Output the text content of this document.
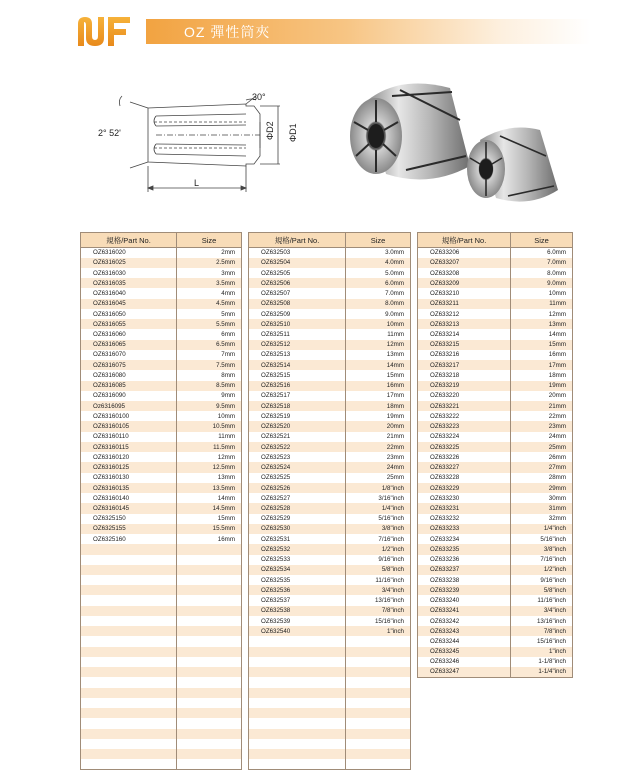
OZ 彈性筒夾
30°
2° 52'	ΦD2 ΦD1
L
規格/Part No.	Size
OZ6316020	2mm
OZ6316025	2.5mm
OZ6316030	3mm
OZ6316035	3.5mm
OZ6316040	4mm
OZ6316045	4.5mm
OZ6316050	5mm
OZ6316055	5.5mm
OZ6316060	6mm
OZ6316065	6.5mm
OZ6316070	7mm
OZ6316075	7.5mm
OZ6316080	8mm
OZ6316085	8.5mm
OZ6316090	9mm
Oz6316095	9.5mm
OZ63160100	10mm
OZ63160105	10.5mm
OZ63160110	11mm
OZ63160115	11.5mm
OZ63160120	12mm
OZ63160125	12.5mm
OZ63160130	13mm
OZ63160135	13.5mm
OZ63160140	14mm
OZ63160145	14.5mm
OZ6325150	15mm
OZ6325155	15.5mm
OZ6325160	16mm

規格/Part No.	Size
OZ632503	3.0mm
OZ632504	4.0mm
OZ632505	5.0mm
OZ632506	6.0mm
OZ632507	7.0mm
OZ632508	8.0mm
OZ632509	9.0mm
OZ632510	10mm
OZ632511	11mm
OZ632512	12mm
OZ632513	13mm
OZ632514	14mm
OZ632515	15mm
OZ632516	16mm
OZ632517	17mm
OZ632518	18mm
OZ632519	19mm
OZ632520	20mm
OZ632521	21mm
OZ632522	22mm
OZ632523	23mm
OZ632524	24mm
OZ632525	25mm
OZ632526	1/8"inch
OZ632527	3/16"inch
OZ632528	1/4"inch
OZ632529	5/16"inch
OZ632530	3/8"inch
OZ632531	7/16"inch
OZ632532	1/2"inch
OZ632533	9/16"inch
OZ632534	5/8"inch
OZ632535	11/16"inch
OZ632536	3/4"inch
OZ632537	13/16"inch
OZ632538	7/8"inch
OZ632539	15/16"inch
OZ632540	1"inch

規格/Part No.	Size
OZ633206	6.0mm
OZ633207	7.0mm
OZ633208	8.0mm
OZ633209	9.0mm
OZ633210	10mm
OZ633211	11mm
OZ633212	12mm
OZ633213	13mm
OZ633214	14mm
OZ633215	15mm
OZ633216	16mm
OZ633217	17mm
OZ633218	18mm
OZ633219	19mm
OZ633220	20mm
OZ633221	21mm
OZ633222	22mm
OZ633223	23mm
OZ633224	24mm
OZ633225	25mm
OZ633226	26mm
OZ633227	27mm
OZ633228	28mm
OZ633229	29mm
OZ633230	30mm
OZ633231	31mm
OZ633232	32mm
OZ633233	1/4"inch
OZ633234	5/16"inch
OZ633235	3/8"inch
OZ633236	7/16"inch
OZ633237	1/2"inch
OZ633238	9/16"inch
OZ633239	5/8"inch
OZ633240	11/16"inch
OZ633241	3/4"inch
OZ633242	13/16"inch
OZ633243	7/8"inch
OZ633244	15/16"inch
OZ633245	1"inch
OZ633246	1-1/8"inch
OZ633247	1-1/4"inch
